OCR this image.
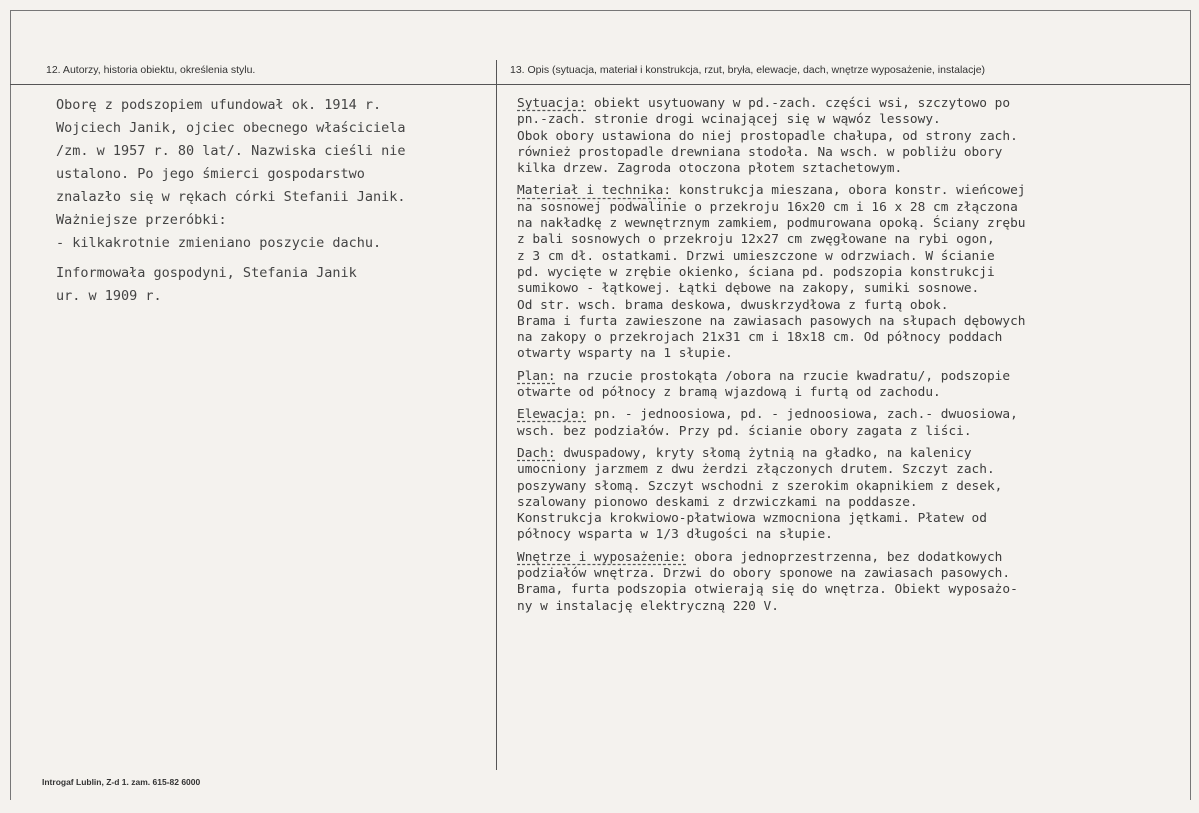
12. Autorzy, historia obiektu, określenia stylu.	13. Opis (sytuacja, materiał i konstrukcja, rzut, bryła, elewacje, dach, wnętrze wyposażenie, instalacje)
Oborę z podszopiem ufundował ok. 1914 r.
Wojciech Janik, ojciec obecnego właściciela
/zm. w 1957 r. 80 lat/. Nazwiska cieśli nie
ustalono. Po jego śmierci gospodarstwo
znalazło się w rękach córki Stefanii Janik.
Ważniejsze przeróbki:
- kilkakrotnie zmieniano poszycie dachu.
Informowała gospodyni, Stefania Janik
ur. w 1909 r.
Sytuacja: obiekt usytuowany w pd.-zach. części wsi, szczytowo po
pn.-zach. stronie drogi wcinającej się w wąwóz lessowy.
Obok obory ustawiona do niej prostopadle chałupa, od strony zach.
również prostopadle drewniana stodoła. Na wsch. w pobliżu obory
kilka drzew. Zagroda otoczona płotem sztachetowym.
Materiał i technika: konstrukcja mieszana, obora konstr. wieńcowej
na sosnowej podwalinie o przekroju 16x20 cm i 16 x 28 cm złączona
na nakładkę z wewnętrznym zamkiem, podmurowana opoką. Ściany zrębu
z bali sosnowych o przekroju 12x27 cm zwęgłowane na rybi ogon,
z 3 cm dł. ostatkami. Drzwi umieszczone w odrzwiach. W ścianie
pd. wycięte w zrębie okienko, ściana pd. podszopia konstrukcji
sumikowo - łątkowej. Łątki dębowe na zakopy, sumiki sosnowe.
Od str. wsch. brama deskowa, dwuskrzydłowa z furtą obok.
Brama i furta zawieszone na zawiasach pasowych na słupach dębowych
na zakopy o przekrojach 21x31 cm i 18x18 cm. Od północy poddach
otwarty wsparty na 1 słupie.
Plan: na rzucie prostokąta /obora na rzucie kwadratu/, podszopie
otwarte od północy z bramą wjazdową i furtą od zachodu.
Elewacja: pn. - jednoosiowa, pd. - jednoosiowa, zach.- dwuosiowa,
wsch. bez podziałów. Przy pd. ścianie obory zagata z liści.
Dach: dwuspadowy, kryty słomą żytnią na gładko, na kalenicy
umocniony jarzmem z dwu żerdzi złączonych drutem. Szczyt zach.
poszywany słomą. Szczyt wschodni z szerokim okapnikiem z desek,
szalowany pionowo deskami z drzwiczkami na poddasze.
Konstrukcja krokwiowo-płatwiowa wzmocniona jętkami. Płatew od
północy wsparta w 1/3 długości na słupie.
Wnętrze i wyposażenie: obora jednoprzestrzenna, bez dodatkowych
podziałów wnętrza. Drzwi do obory sponowe na zawiasach pasowych.
Brama, furta podszopia otwierają się do wnętrza. Obiekt wyposażo-
ny w instalację elektryczną 220 V.
Introgaf Lublin, Z-d 1. zam. 615-82 6000
